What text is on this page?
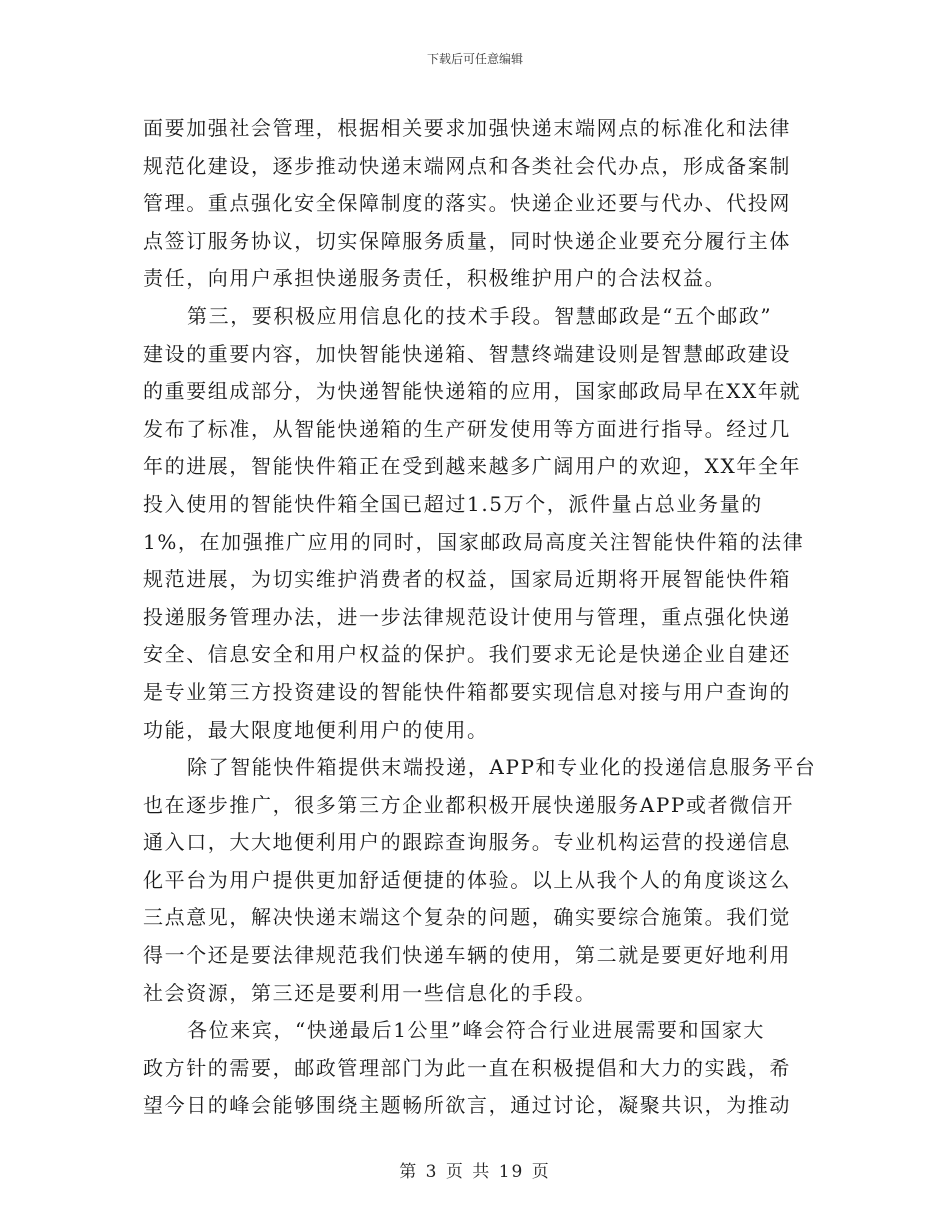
下载后可任意编辑
面要加强社会管理，根据相关要求加强快递末端网点的标准化和法律
规范化建设，逐步推动快递末端网点和各类社会代办点，形成备案制
管理。重点强化安全保障制度的落实。快递企业还要与代办、代投网
点签订服务协议，切实保障服务质量，同时快递企业要充分履行主体
责任，向用户承担快递服务责任，积极维护用户的合法权益。
第三，要积极应用信息化的技术手段。智慧邮政是“五个邮政”
建设的重要内容，加快智能快递箱、智慧终端建设则是智慧邮政建设
的重要组成部分，为快递智能快递箱的应用，国家邮政局早在XX年就
发布了标准，从智能快递箱的生产研发使用等方面进行指导。经过几
年的进展，智能快件箱正在受到越来越多广阔用户的欢迎，XX年全年
投入使用的智能快件箱全国已超过1.5万个，派件量占总业务量的
1%，在加强推广应用的同时，国家邮政局高度关注智能快件箱的法律
规范进展，为切实维护消费者的权益，国家局近期将开展智能快件箱
投递服务管理办法，进一步法律规范设计使用与管理，重点强化快递
安全、信息安全和用户权益的保护。我们要求无论是快递企业自建还
是专业第三方投资建设的智能快件箱都要实现信息对接与用户查询的
功能，最大限度地便利用户的使用。
除了智能快件箱提供末端投递，APP和专业化的投递信息服务平台
也在逐步推广，很多第三方企业都积极开展快递服务APP或者微信开
通入口，大大地便利用户的跟踪查询服务。专业机构运营的投递信息
化平台为用户提供更加舒适便捷的体验。以上从我个人的角度谈这么
三点意见，解决快递末端这个复杂的问题，确实要综合施策。我们觉
得一个还是要法律规范我们快递车辆的使用，第二就是要更好地利用
社会资源，第三还是要利用一些信息化的手段。
各位来宾，“快递最后1公里”峰会符合行业进展需要和国家大
政方针的需要，邮政管理部门为此一直在积极提倡和大力的实践，希
望今日的峰会能够围绕主题畅所欲言，通过讨论，凝聚共识，为推动
第 3 页 共 19 页
